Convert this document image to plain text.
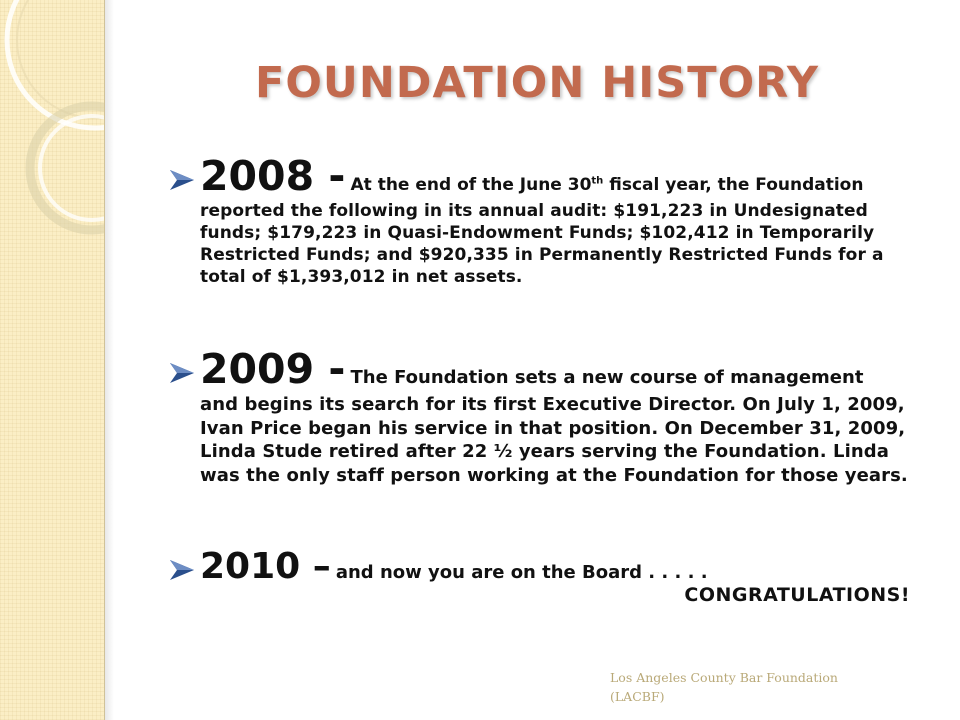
FOUNDATION HISTORY
2008 - At the end of the June 30th fiscal year, the Foundation
reported the following in its annual audit: $191,223 in Undesignated funds; $179,223 in Quasi-Endowment Funds; $102,412 in Temporarily Restricted Funds; and $920,335 in Permanently Restricted Funds for a total of $1,393,012 in net assets.
2009 - The Foundation sets a new course of management
and begins its search for its first Executive Director. On July 1, 2009, Ivan Price began his service in that position. On December 31, 2009, Linda Stude retired after 22 ½ years serving the Foundation. Linda was the only staff person working at the Foundation for those years.
2010 – and now you are on the Board . . . . .
CONGRATULATIONS!
Los Angeles County Bar Foundation
(LACBF)
